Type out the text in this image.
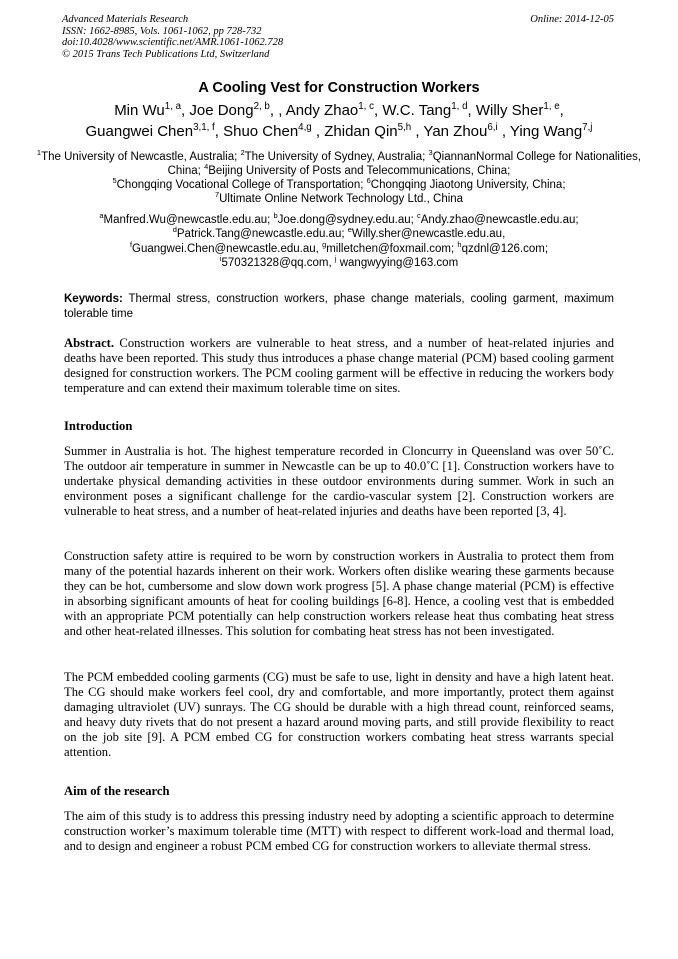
Advanced Materials Research
ISSN: 1662-8985, Vols. 1061-1062, pp 728-732
doi:10.4028/www.scientific.net/AMR.1061-1062.728
© 2015 Trans Tech Publications Ltd, Switzerland
Online: 2014-12-05
A Cooling Vest for Construction Workers
Min Wu$^{1, a}$, Joe Dong$^{2, b}$, , Andy Zhao$^{1, c}$, W.C. Tang$^{1, d}$, Willy Sher$^{1, e}$,
Guangwei Chen$^{3,1, f}$, Shuo Chen$^{4,g}$ , Zhidan Qin$^{5,h}$ , Yan Zhou$^{6,i}$ , Ying Wang$^{7,j}$
$^1$The University of Newcastle, Australia; $^2$The University of Sydney, Australia; $^3$QiannanNormal College for Nationalities, China; $^4$Beijing University of Posts and Telecommunications, China;
$^5$Chongqing Vocational College of Transportation; $^6$Chongqing Jiaotong University, China;
$^7$Ultimate Online Network Technology Ltd., China
$^a$Manfred.Wu@newcastle.edu.au; $^b$Joe.dong@sydney.edu.au; $^c$Andy.zhao@newcastle.edu.au;
$^d$Patrick.Tang@newcastle.edu.au; $^e$Willy.sher@newcastle.edu.au,
$^f$Guangwei.Chen@newcastle.edu.au, $^g$milletchen@foxmail.com; $^h$qzdnl@126.com;
$^i$570321328@qq.com, $^j$ wangwyying@163.com
Keywords: Thermal stress, construction workers, phase change materials, cooling garment, maximum tolerable time

Abstract. Construction workers are vulnerable to heat stress, and a number of heat-related injuries and deaths have been reported. This study thus introduces a phase change material (PCM) based cooling garment designed for construction workers. The PCM cooling garment will be effective in reducing the workers body temperature and can extend their maximum tolerable time on sites.

Introduction

Summer in Australia is hot. The highest temperature recorded in Cloncurry in Queensland was over 50˚C. The outdoor air temperature in summer in Newcastle can be up to 40.0˚C [1]. Construction workers have to undertake physical demanding activities in these outdoor environments during summer. Work in such an environment poses a significant challenge for the cardio-vascular system [2]. Construction workers are vulnerable to heat stress, and a number of heat-related injuries and deaths have been reported [3, 4].

Construction safety attire is required to be worn by construction workers in Australia to protect them from many of the potential hazards inherent on their work. Workers often dislike wearing these garments because they can be hot, cumbersome and slow down work progress [5]. A phase change material (PCM) is effective in absorbing significant amounts of heat for cooling buildings [6-8]. Hence, a cooling vest that is embedded with an appropriate PCM potentially can help construction workers release heat thus combating heat stress and other heat-related illnesses. This solution for combating heat stress has not been investigated.

The PCM embedded cooling garments (CG) must be safe to use, light in density and have a high latent heat. The CG should make workers feel cool, dry and comfortable, and more importantly, protect them against damaging ultraviolet (UV) sunrays. The CG should be durable with a high thread count, reinforced seams, and heavy duty rivets that do not present a hazard around moving parts, and still provide flexibility to react on the job site [9]. A PCM embed CG for construction workers combating heat stress warrants special attention.

Aim of the research

The aim of this study is to address this pressing industry need by adopting a scientific approach to determine construction worker’s maximum tolerable time (MTT) with respect to different work-load and thermal load, and to design and engineer a robust PCM embed CG for construction workers to alleviate thermal stress.
